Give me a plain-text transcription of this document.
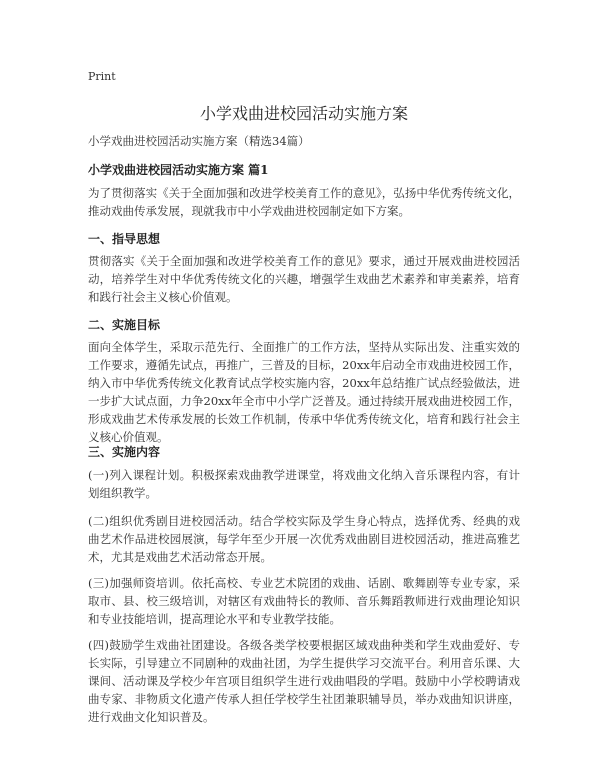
Print
小学戏曲进校园活动实施方案
小学戏曲进校园活动实施方案（精选34篇）
小学戏曲进校园活动实施方案 篇1

为了贯彻落实《关于全面加强和改进学校美育工作的意见》，弘扬中华优秀传统文化，推动戏曲传承发展，现就我市中小学戏曲进校园制定如下方案。

一、指导思想

贯彻落实《关于全面加强和改进学校美育工作的意见》要求，通过开展戏曲进校园活动，培养学生对中华优秀传统文化的兴趣，增强学生戏曲艺术素养和审美素养，培育和践行社会主义核心价值观。

二、实施目标

面向全体学生，采取示范先行、全面推广的工作方法，坚持从实际出发、注重实效的工作要求，遵循先试点，再推广，三普及的目标，20xx年启动全市戏曲进校园工作，纳入市中华优秀传统文化教育试点学校实施内容，20xx年总结推广试点经验做法，进一步扩大试点面，力争20xx年全市中小学广泛普及。通过持续开展戏曲进校园工作，形成戏曲艺术传承发展的长效工作机制，传承中华优秀传统文化，培育和践行社会主义核心价值观。

三、实施内容

(一)列入课程计划。积极探索戏曲教学进课堂，将戏曲文化纳入音乐课程内容，有计划组织教学。

(二)组织优秀剧目进校园活动。结合学校实际及学生身心特点，选择优秀、经典的戏曲艺术作品进校园展演，每学年至少开展一次优秀戏曲剧目进校园活动，推进高雅艺术，尤其是戏曲艺术活动常态开展。

(三)加强师资培训。依托高校、专业艺术院团的戏曲、话剧、歌舞剧等专业专家，采取市、县、校三级培训，对辖区有戏曲特长的教师、音乐舞蹈教师进行戏曲理论知识和专业技能培训，提高理论水平和专业教学技能。

(四)鼓励学生戏曲社团建设。各级各类学校要根据区域戏曲种类和学生戏曲爱好、专长实际，引导建立不同剧种的戏曲社团，为学生提供学习交流平台。利用音乐课、大课间、活动课及学校少年宫项目组织学生进行戏曲唱段的学唱。鼓励中小学校聘请戏曲专家、非物质文化遗产传承人担任学校学生社团兼职辅导员，举办戏曲知识讲座，进行戏曲文化知识普及。
